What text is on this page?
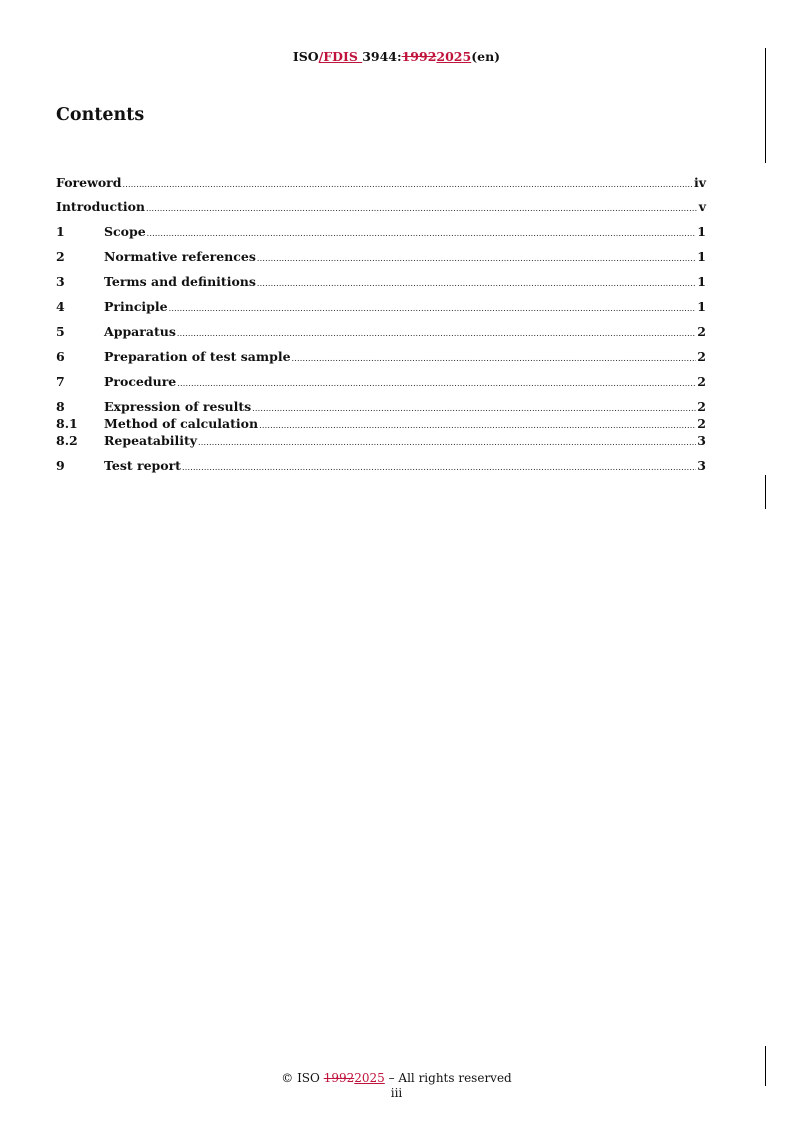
ISO/FDIS 3944:19922025(en)
Contents
Foreword .....	iv
Introduction .....	v
1	Scope .....	1
2	Normative references .....	1
3	Terms and definitions .....	1
4	Principle .....	1
5	Apparatus .....	2
6	Preparation of test sample .....	2
7	Procedure .....	2
8	Expression of results .....	2
8.1	Method of calculation .....	2
8.2	Repeatability .....	3
9	Test report .....	3
© ISO 19922025 – All rights reserved
iii
